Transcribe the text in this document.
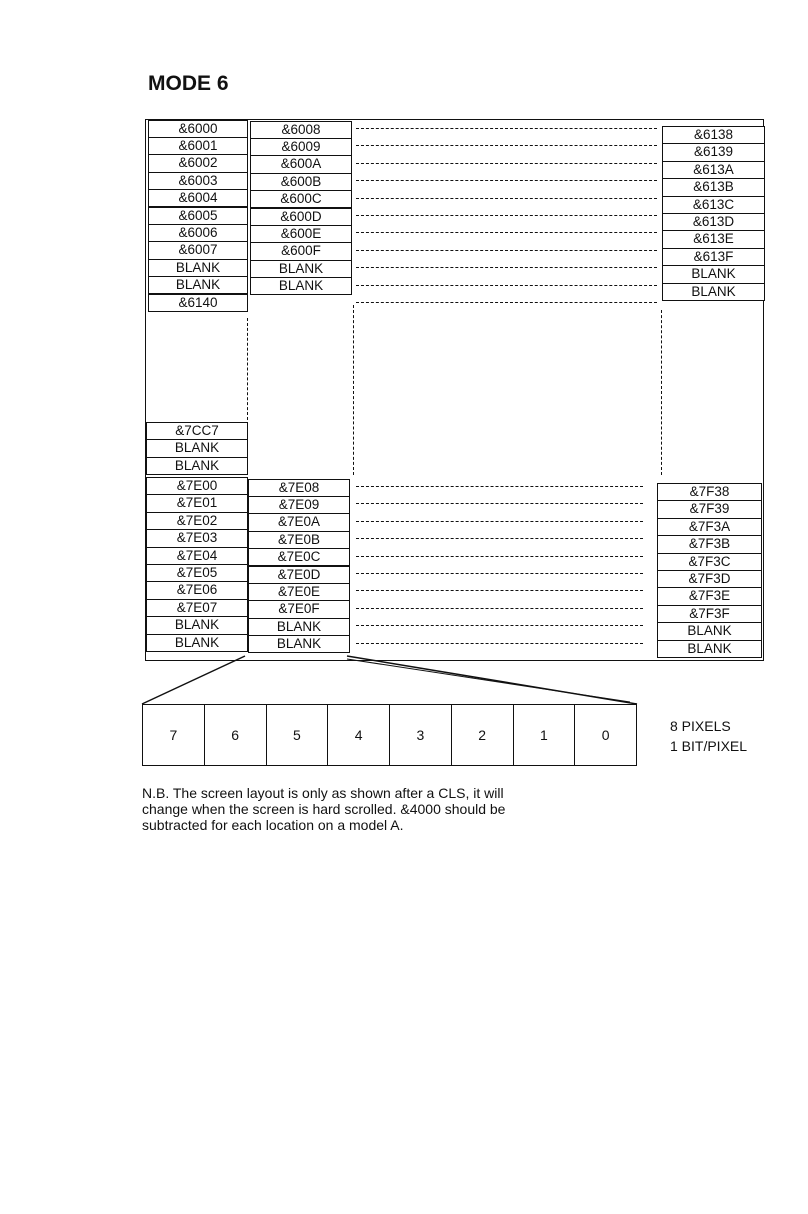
MODE 6
&6000
&6001
&6002
&6003
&6004
&6005
&6006
&6007
BLANK
BLANK
&6140
&6008
&6009
&600A
&600B
&600C
&600D
&600E
&600F
BLANK
BLANK
&6138
&6139
&613A
&613B
&613C
&613D
&613E
&613F
BLANK
BLANK
&7CC7
BLANK
BLANK
&7E00
&7E01
&7E02
&7E03
&7E04
&7E05
&7E06
&7E07
BLANK
BLANK
&7E08
&7E09
&7E0A
&7E0B
&7E0C
&7E0D
&7E0E
&7E0F
BLANK
BLANK
&7F38
&7F39
&7F3A
&7F3B
&7F3C
&7F3D
&7F3E
&7F3F
BLANK
BLANK
7	6	5	4	3	2	1	0
8 PIXELS
1 BIT/PIXEL
N.B. The screen layout is only as shown after a CLS, it will
change when the screen is hard scrolled. &4000 should be
subtracted for each location on a model A.
